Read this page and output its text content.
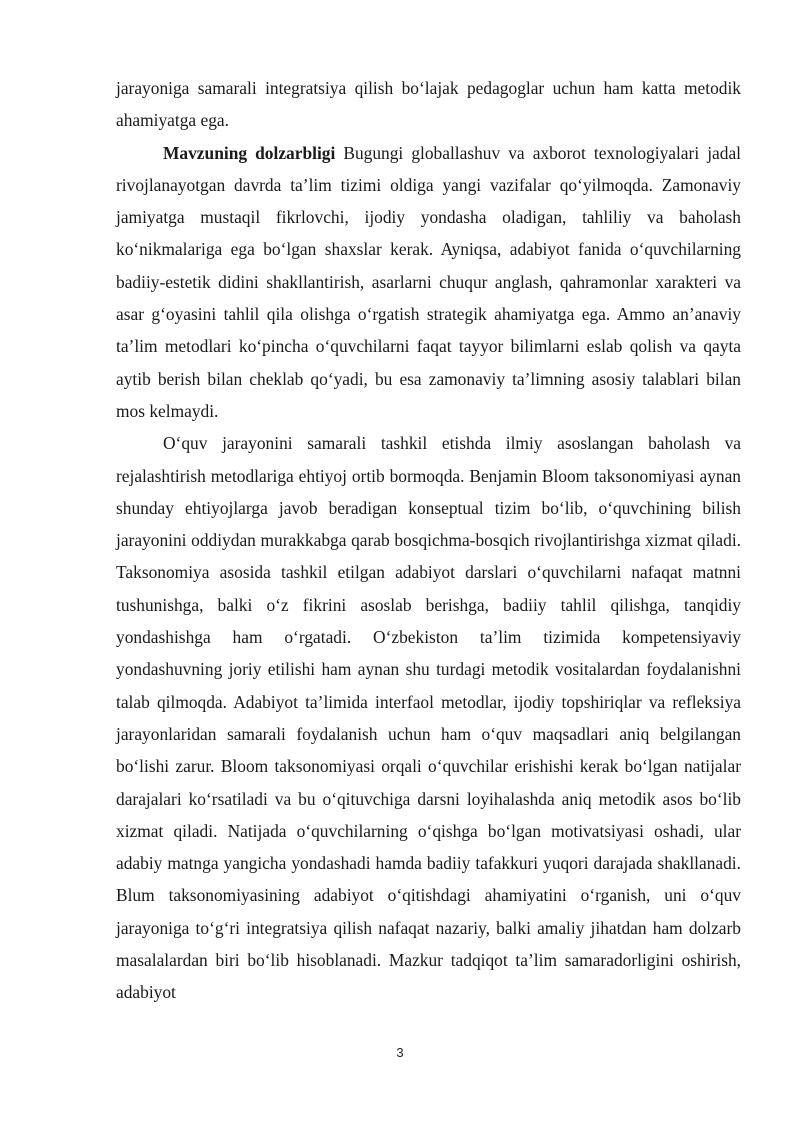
jarayoniga samarali integratsiya qilish bo‘lajak pedagoglar uchun ham katta metodik ahamiyatga ega.

Mavzuning dolzarbligi Bugungi globallashuv va axborot texnologiyalari jadal rivojlanayotgan davrda ta’lim tizimi oldiga yangi vazifalar qo‘yilmoqda. Zamonaviy jamiyatga mustaqil fikrlovchi, ijodiy yondasha oladigan, tahliliy va baholash ko‘nikmalariga ega bo‘lgan shaxslar kerak. Ayniqsa, adabiyot fanida o‘quvchilarning badiiy-estetik didini shakllantirish, asarlarni chuqur anglash, qahramonlar xarakteri va asar g‘oyasini tahlil qila olishga o‘rgatish strategik ahamiyatga ega. Ammo an’anaviy ta’lim metodlari ko‘pincha o‘quvchilarni faqat tayyor bilimlarni eslab qolish va qayta aytib berish bilan cheklab qo‘yadi, bu esa zamonaviy ta’limning asosiy talablari bilan mos kelmaydi.

O‘quv jarayonini samarali tashkil etishda ilmiy asoslangan baholash va rejalashtirish metodlariga ehtiyoj ortib bormoqda. Benjamin Bloom taksonomiyasi aynan shunday ehtiyojlarga javob beradigan konseptual tizim bo‘lib, o‘quvchining bilish jarayonini oddiydan murakkabga qarab bosqichma-bosqich rivojlantirishga xizmat qiladi. Taksonomiya asosida tashkil etilgan adabiyot darslari o‘quvchilarni nafaqat matnni tushunishga, balki o‘z fikrini asoslab berishga, badiiy tahlil qilishga, tanqidiy yondashishga ham o‘rgatadi. O‘zbekiston ta’lim tizimida kompetensiyaviy yondashuvning joriy etilishi ham aynan shu turdagi metodik vositalardan foydalanishni talab qilmoqda. Adabiyot ta’limida interfaol metodlar, ijodiy topshiriqlar va refleksiya jarayonlaridan samarali foydalanish uchun ham o‘quv maqsadlari aniq belgilangan bo‘lishi zarur. Bloom taksonomiyasi orqali o‘quvchilar erishishi kerak bo‘lgan natijalar darajalari ko‘rsatiladi va bu o‘qituvchiga darsni loyihalashda aniq metodik asos bo‘lib xizmat qiladi. Natijada o‘quvchilarning o‘qishga bo‘lgan motivatsiyasi oshadi, ular adabiy matnga yangicha yondashadi hamda badiiy tafakkuri yuqori darajada shakllanadi. Blum taksonomiyasining adabiyot o‘qitishdagi ahamiyatini o‘rganish, uni o‘quv jarayoniga to‘g‘ri integratsiya qilish nafaqat nazariy, balki amaliy jihatdan ham dolzarb masalalardan biri bo‘lib hisoblanadi. Mazkur tadqiqot ta’lim samaradorligini oshirish, adabiyot

3
